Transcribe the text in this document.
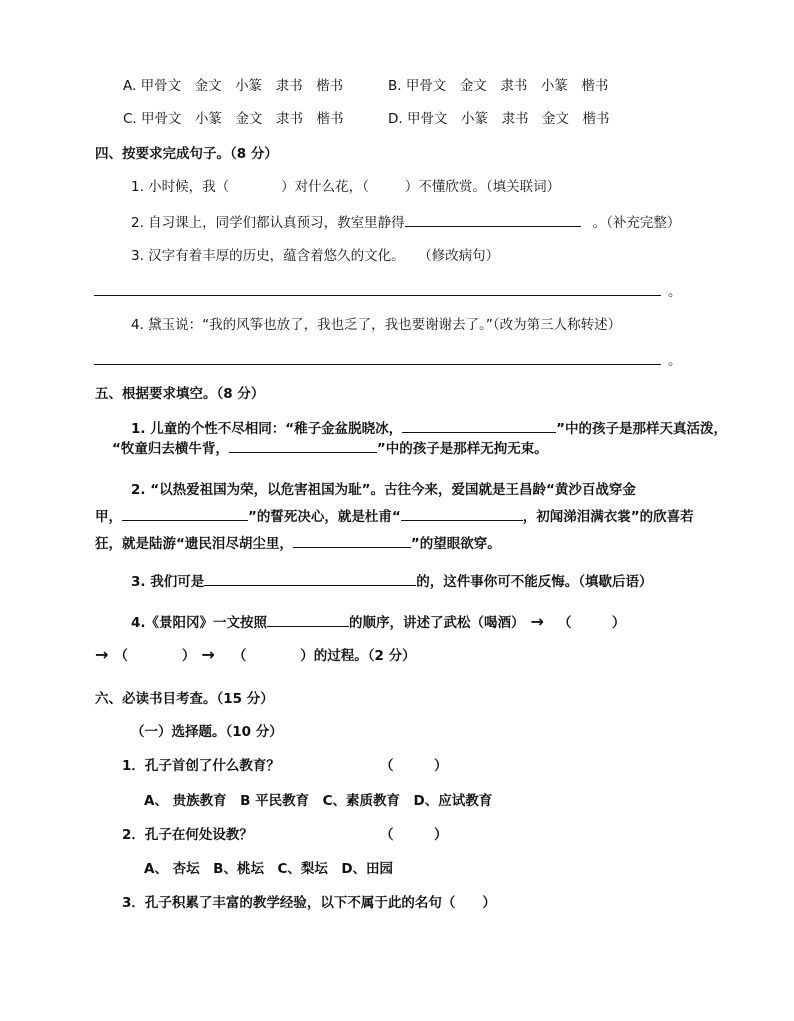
A. 甲骨文　金文　小篆　隶书　楷书	B. 甲骨文　金文　隶书　小篆　楷书
C. 甲骨文　小篆　金文　隶书　楷书	D. 甲骨文　小篆　隶书　金文　楷书
四、按要求完成句子。（8 分）
1. 小时候，我（	）对什么花，（	）不懂欣赏。（填关联词）
2. 自习课上，同学们都认真预习，教室里静得	。（补充完整）
3. 汉字有着丰厚的历史，蕴含着悠久的文化。　　（修改病句）
。
4. 黛玉说：“我的风筝也放了，我也乏了，我也要谢谢去了。”（改为第三人称转述）
。
五、根据要求填空。（8 分）
1. 儿童的个性不尽相同：“稚子金盆脱晓冰，	”中的孩子是那样天真活泼，
“牧童归去横牛背，	”中的孩子是那样无拘无束。
2. “以热爱祖国为荣，以危害祖国为耻”。古往今来，爱国就是王昌龄“黄沙百战穿金
甲，	”的誓死决心，就是杜甫“	，初闻涕泪满衣裳”的欣喜若
狂，就是陆游“遗民泪尽胡尘里，	”的望眼欲穿。
3. 我们可是	的，这件事你可不能反悔。（填歇后语）
4.《景阳冈》一文按照	的顺序，讲述了武松（喝酒） → （　　　）
→ （　　　　） → （　　　　）的过程。（2 分）
六、必读书目考查。（15 分）
（一）选择题。（10 分）
1．孔子首创了什么教育？	（　　　）
A、 贵族教育　B 平民教育　C、素质教育　D、应试教育
2．孔子在何处设教？	（　　　）
A、 杏坛　B、桃坛　C、梨坛　D、田园
3．孔子积累了丰富的教学经验，以下不属于此的名句（　　）
